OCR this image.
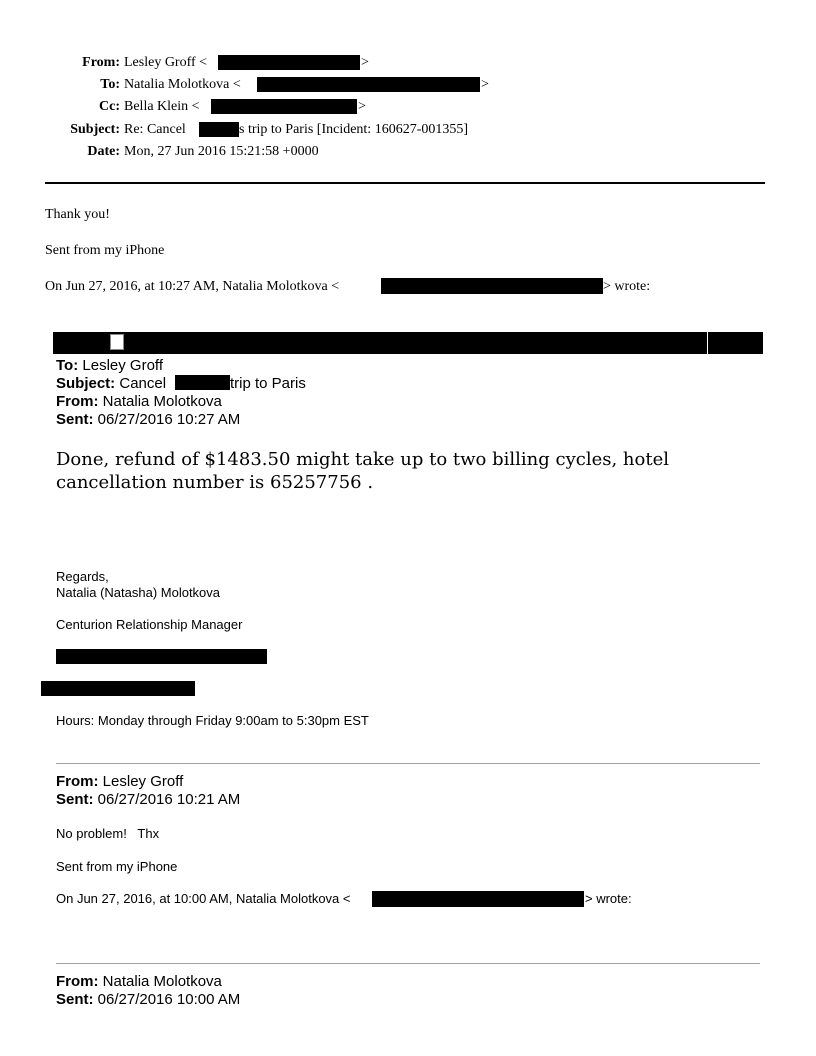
From: Lesley Groff <	>
To: Natalia Molotkova <	>
Cc: Bella Klein <	>
Subject: Re: Cancel	s trip to Paris [Incident: 160627-001355]
Date: Mon, 27 Jun 2016 15:21:58 +0000
Thank you!
Sent from my iPhone
On Jun 27, 2016, at 10:27 AM, Natalia Molotkova <	> wrote:
To: Lesley Groff
Subject: Cancel	trip to Paris
From: Natalia Molotkova
Sent: 06/27/2016 10:27 AM
Done, refund of $1483.50 might take up to two billing cycles, hotel cancellation number is 65257756 .
Regards,
Natalia (Natasha) Molotkova
Centurion Relationship Manager
Hours: Monday through Friday 9:00am to 5:30pm EST
From: Lesley Groff
Sent: 06/27/2016 10:21 AM
No problem!   Thx
Sent from my iPhone
On Jun 27, 2016, at 10:00 AM, Natalia Molotkova <	> wrote:
From: Natalia Molotkova
Sent: 06/27/2016 10:00 AM
